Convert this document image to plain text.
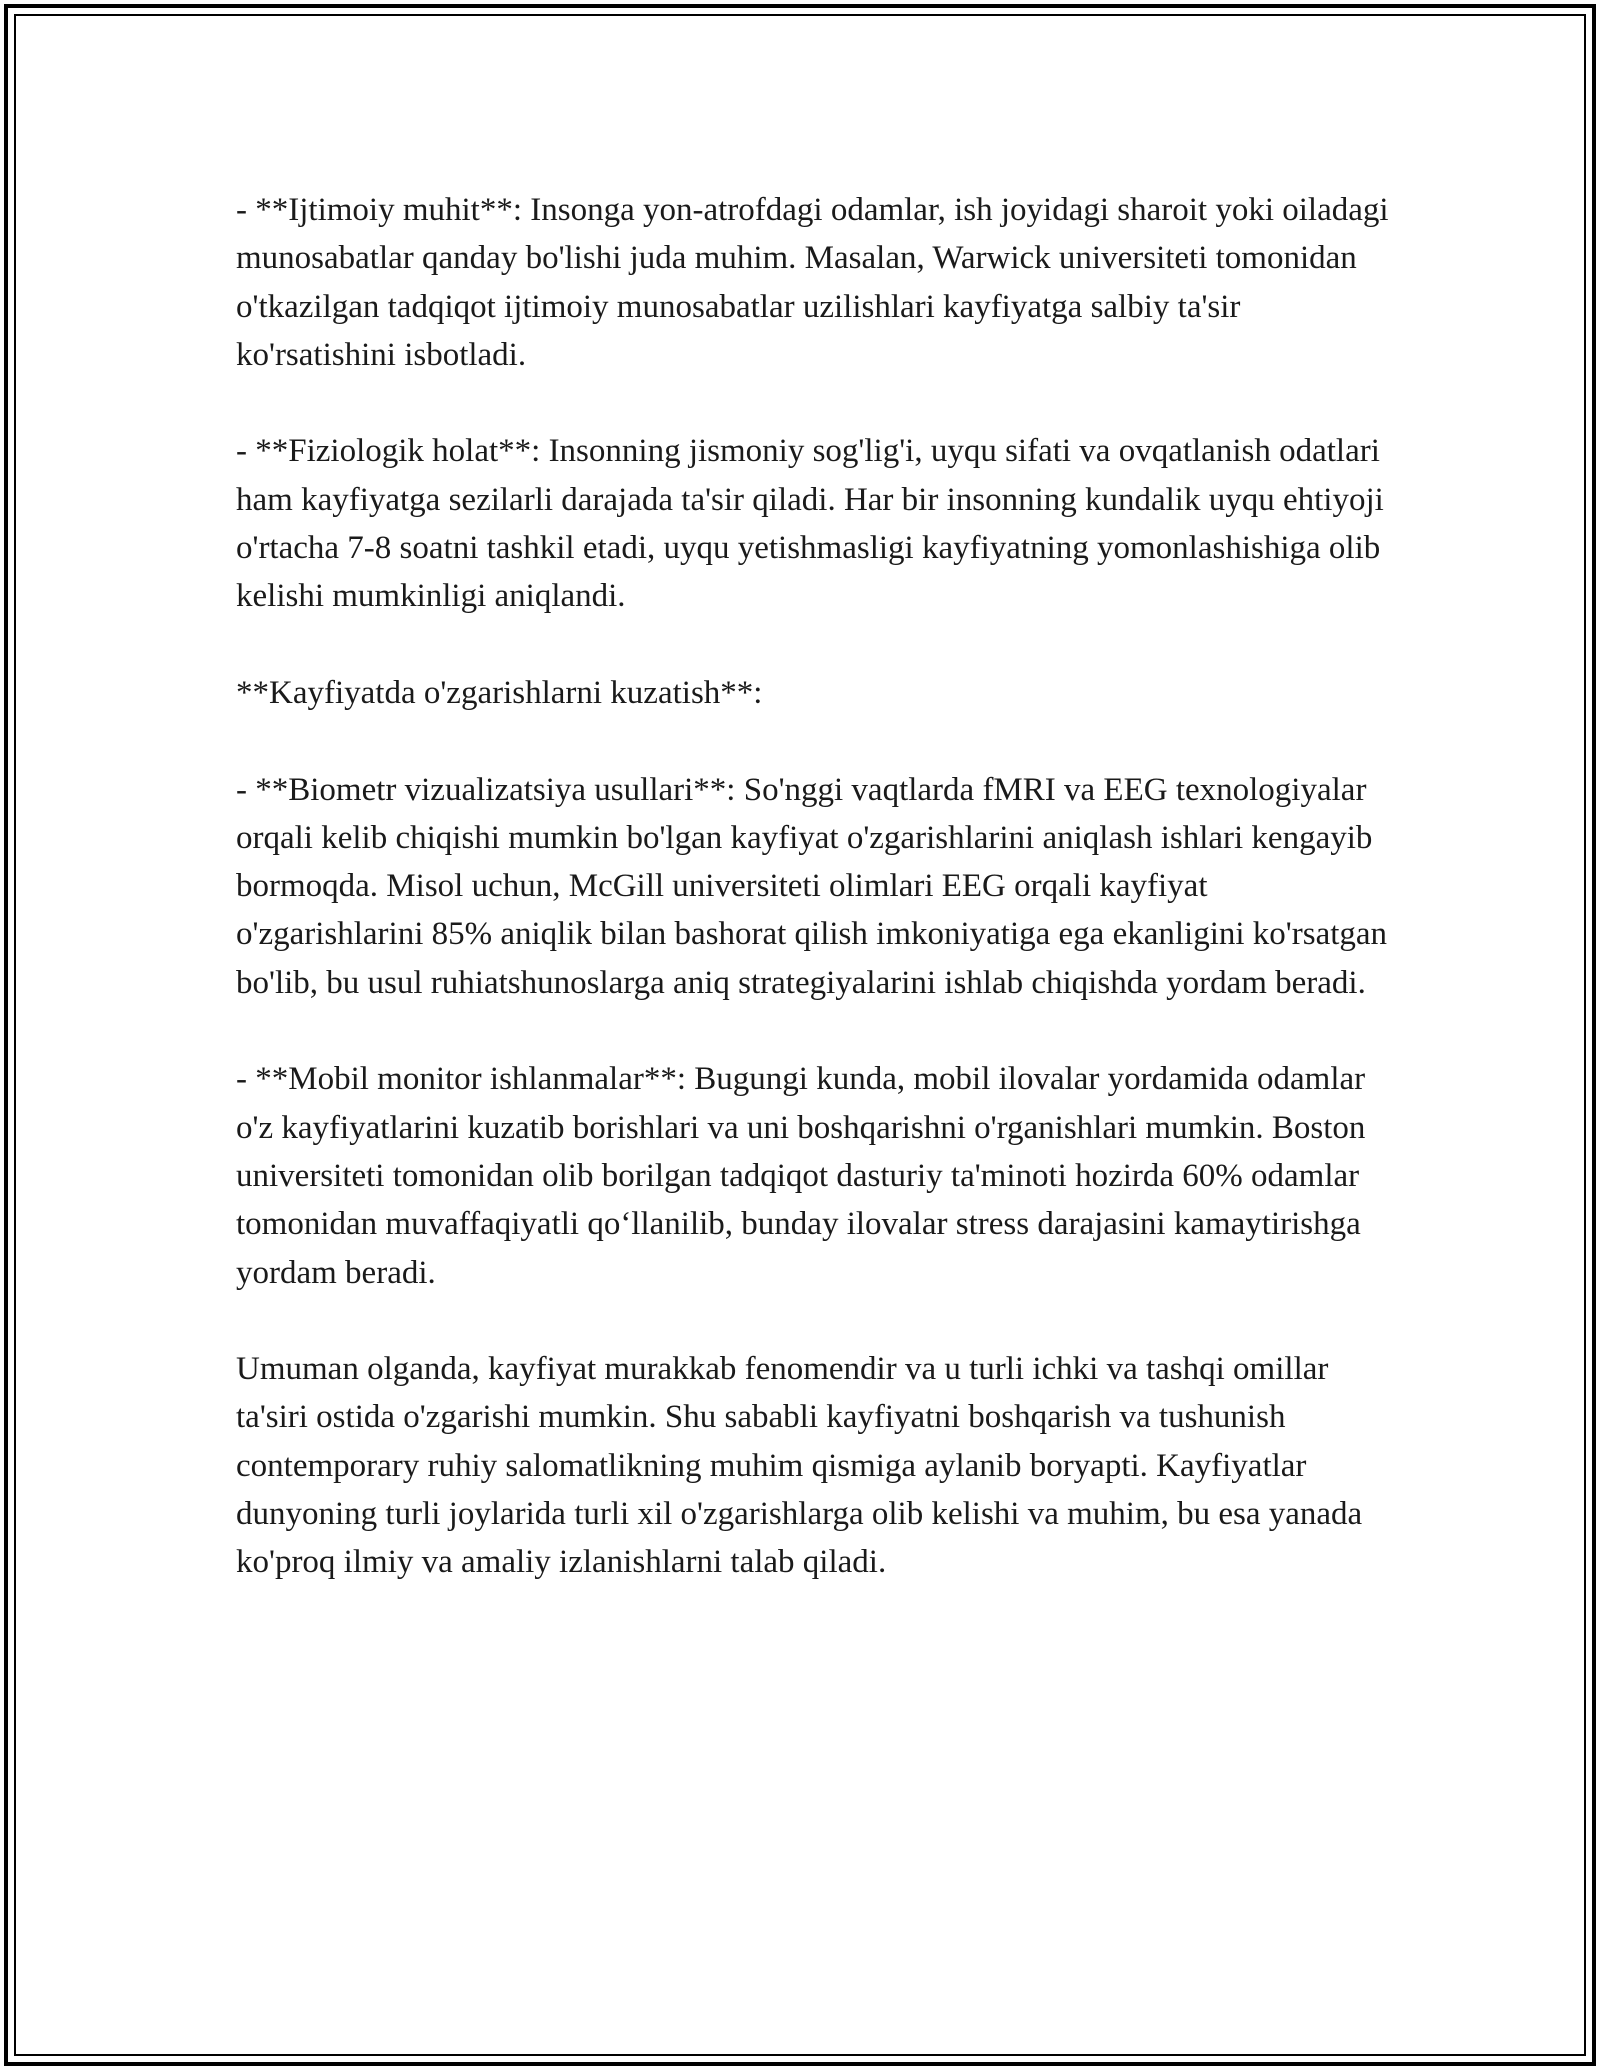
- **Ijtimoiy muhit**: Insonga yon-atrofdagi odamlar, ish joyidagi sharoit yoki oiladagi munosabatlar qanday bo'lishi juda muhim. Masalan, Warwick universiteti tomonidan o'tkazilgan tadqiqot ijtimoiy munosabatlar uzilishlari kayfiyatga salbiy ta'sir ko'rsatishini isbotladi.

- **Fiziologik holat**: Insonning jismoniy sog'lig'i, uyqu sifati va ovqatlanish odatlari ham kayfiyatga sezilarli darajada ta'sir qiladi. Har bir insonning kundalik uyqu ehtiyoji o'rtacha 7-8 soatni tashkil etadi, uyqu yetishmasligi kayfiyatning yomonlashishiga olib kelishi mumkinligi aniqlandi.

**Kayfiyatda o'zgarishlarni kuzatish**:

- **Biometr vizualizatsiya usullari**: So'nggi vaqtlarda fMRI va EEG texnologiyalar orqali kelib chiqishi mumkin bo'lgan kayfiyat o'zgarishlarini aniqlash ishlari kengayib bormoqda. Misol uchun, McGill universiteti olimlari EEG orqali kayfiyat o'zgarishlarini 85% aniqlik bilan bashorat qilish imkoniyatiga ega ekanligini ko'rsatgan bo'lib, bu usul ruhiatshunoslarga aniq strategiyalarini ishlab chiqishda yordam beradi.

- **Mobil monitor ishlanmalar**: Bugungi kunda, mobil ilovalar yordamida odamlar o'z kayfiyatlarini kuzatib borishlari va uni boshqarishni o'rganishlari mumkin. Boston universiteti tomonidan olib borilgan tadqiqot dasturiy ta'minoti hozirda 60% odamlar tomonidan muvaffaqiyatli qo‘llanilib, bunday ilovalar stress darajasini kamaytirishga yordam beradi.

Umuman olganda, kayfiyat murakkab fenomendir va u turli ichki va tashqi omillar ta'siri ostida o'zgarishi mumkin. Shu sababli kayfiyatni boshqarish va tushunish contemporary ruhiy salomatlikning muhim qismiga aylanib boryapti. Kayfiyatlar dunyoning turli joylarida turli xil o'zgarishlarga olib kelishi va muhim, bu esa yanada ko'proq ilmiy va amaliy izlanishlarni talab qiladi.
